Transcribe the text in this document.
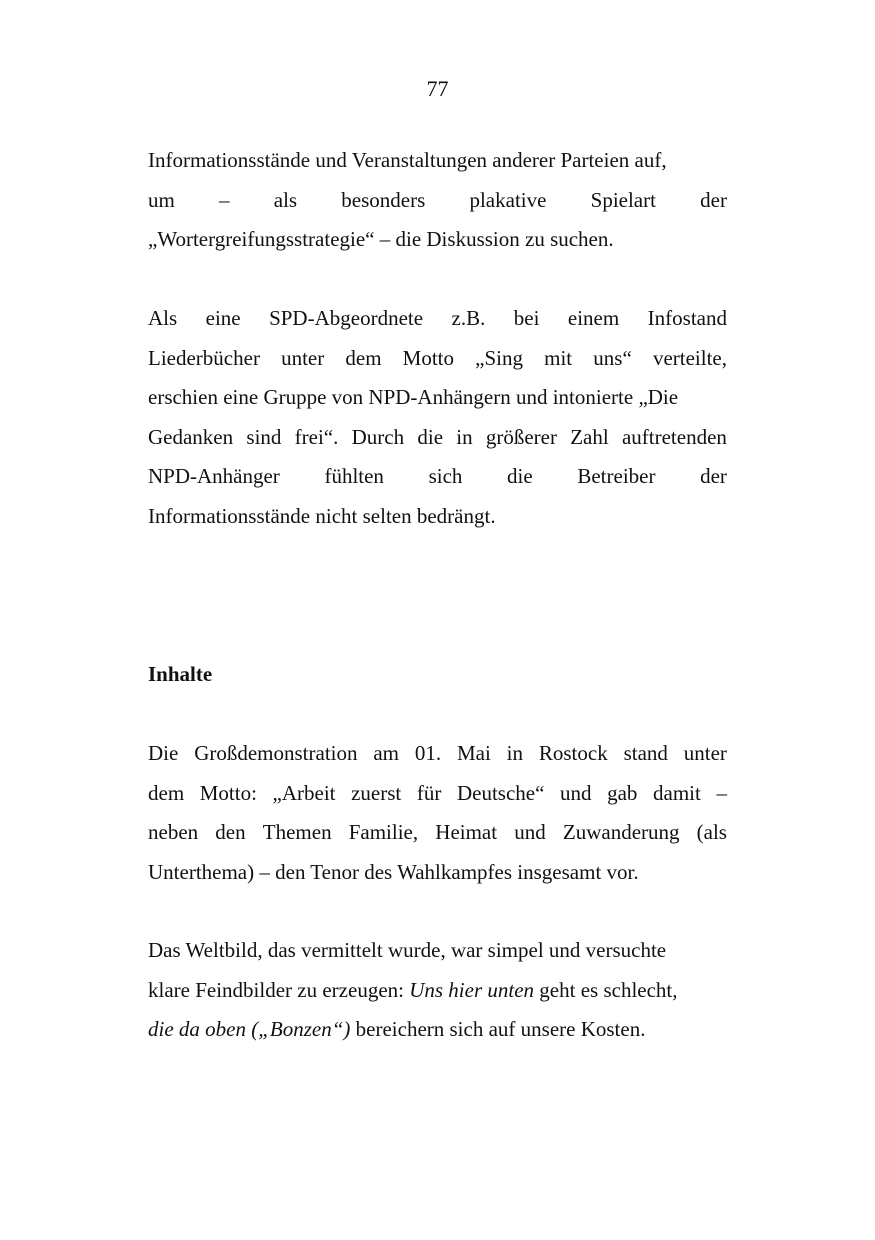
77
Informationsstände und Veranstaltungen anderer Parteien auf,
um – als besonders plakative Spielart der
„Wortergreifungsstrategie“ – die Diskussion zu suchen.
Als eine SPD-Abgeordnete z.B. bei einem Infostand
Liederbücher unter dem Motto „Sing mit uns“ verteilte,
erschien eine Gruppe von NPD-Anhängern und intonierte „Die
Gedanken sind frei“. Durch die in größerer Zahl auftretenden
NPD-Anhänger fühlten sich die Betreiber der
Informationsstände nicht selten bedrängt.
Inhalte
Die Großdemonstration am 01. Mai in Rostock stand unter
dem Motto: „Arbeit zuerst für Deutsche“ und gab damit –
neben den Themen Familie, Heimat und Zuwanderung (als
Unterthema) – den Tenor des Wahlkampfes insgesamt vor.
Das Weltbild, das vermittelt wurde, war simpel und versuchte
klare Feindbilder zu erzeugen: Uns hier unten geht es schlecht,
die da oben („Bonzen“) bereichern sich auf unsere Kosten.
